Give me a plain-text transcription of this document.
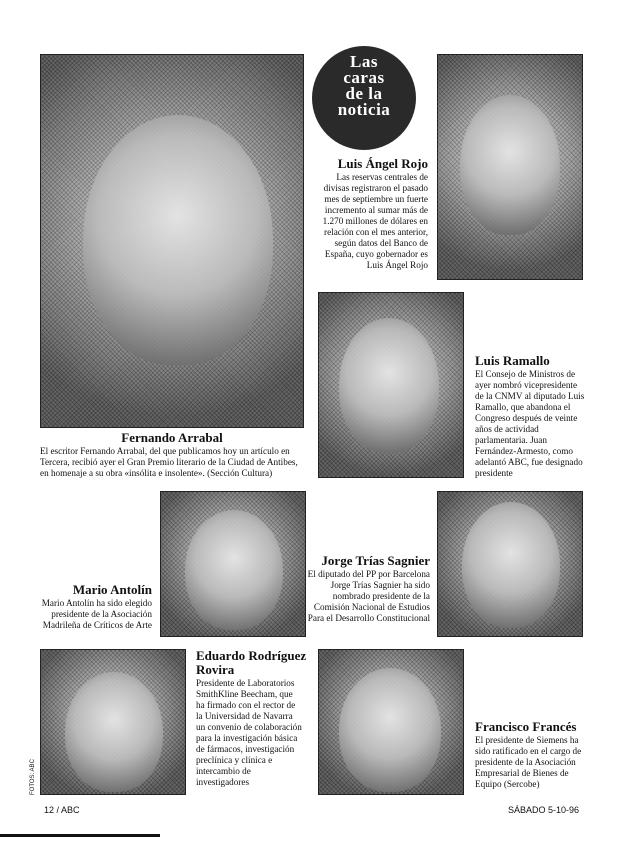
Fernando Arrabal
El escritor Fernando Arrabal, del que publicamos hoy un artículo en Tercera, recibió ayer el Gran Premio literario de la Ciudad de Antibes, en homenaje a su obra «insólita e insolente». (Sección Cultura)
Las
caras
de la
noticia
Luis Ángel Rojo
Las reservas centrales de divisas registraron el pasado mes de septiembre un fuerte incremento al sumar más de 1.270 millones de dólares en relación con el mes anterior, según datos del Banco de España, cuyo gobernador es Luis Ángel Rojo
Luis Ramallo
El Consejo de Ministros de ayer nombró vicepresidente de la CNMV al diputado Luis Ramallo, que abandona el Congreso después de veinte años de actividad parlamentaria. Juan Fernández-Armesto, como adelantó ABC, fue designado presidente
Mario Antolín
Mario Antolín ha sido elegido presidente de la Asociación Madrileña de Críticos de Arte
Jorge Trías Sagnier
El diputado del PP por Barcelona Jorge Trías Sagnier ha sido nombrado presidente de la Comisión Nacional de Estudios Para el Desarrollo Constitucional
Eduardo Rodríguez Rovira
Presidente de Laboratorios SmithKline Beecham, que ha firmado con el rector de la Universidad de Navarra un convenio de colaboración para la investigación básica de fármacos, investigación preclínica y clínica e intercambio de investigadores
Francisco Francés
El presidente de Siemens ha sido ratificado en el cargo de presidente de la Asociación Empresarial de Bienes de Equipo (Sercobe)
FOTOS: ABC
12 / ABC	SÁBADO 5-10-96
